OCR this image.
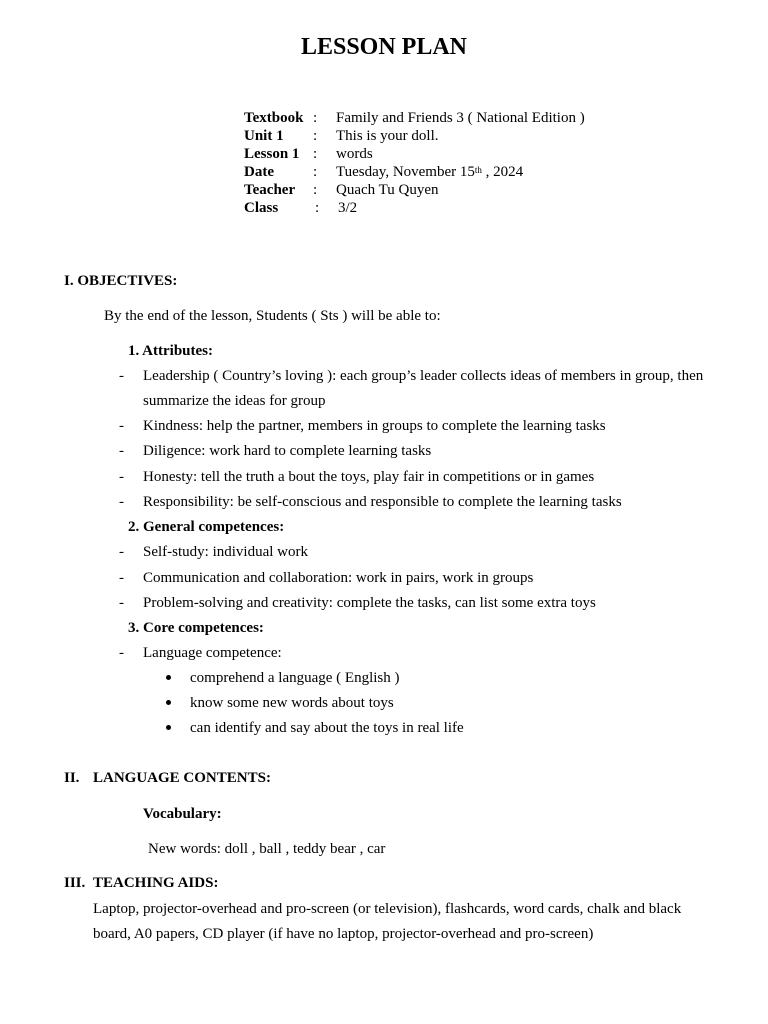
LESSON PLAN
Textbook : Family and Friends 3 ( National Edition )
Unit 1 : This is your doll.
Lesson 1 : words
Date	: Tuesday, November 15th , 2024
Teacher : Quach Tu Quyen
Class : 3/2
I. OBJECTIVES:
By the end of the lesson, Students ( Sts ) will be able to:
1. Attributes:
- Leadership ( Country’s loving ): each group’s leader collects ideas of members in group, then
summarize the ideas for group
- Kindness: help the partner, members in groups to complete the learning tasks
- Diligence: work hard to complete learning tasks
- Honesty: tell the truth a bout the toys, play fair in competitions or in games
- Responsibility: be self-conscious and responsible to complete the learning tasks
2. General competences:
- Self-study: individual work
- Communication and collaboration: work in pairs, work in groups
- Problem-solving and creativity: complete the tasks, can list some extra toys
3. Core competences:
- Language competence:
comprehend a language ( English )
know some new words about toys
can identify and say about the toys in real life
II. LANGUAGE CONTENTS:
Vocabulary:
New words: doll , ball , teddy bear , car
III. TEACHING AIDS:
Laptop, projector-overhead and pro-screen (or television), flashcards, word cards, chalk and black
board, A0 papers, CD player (if have no laptop, projector-overhead and pro-screen)
